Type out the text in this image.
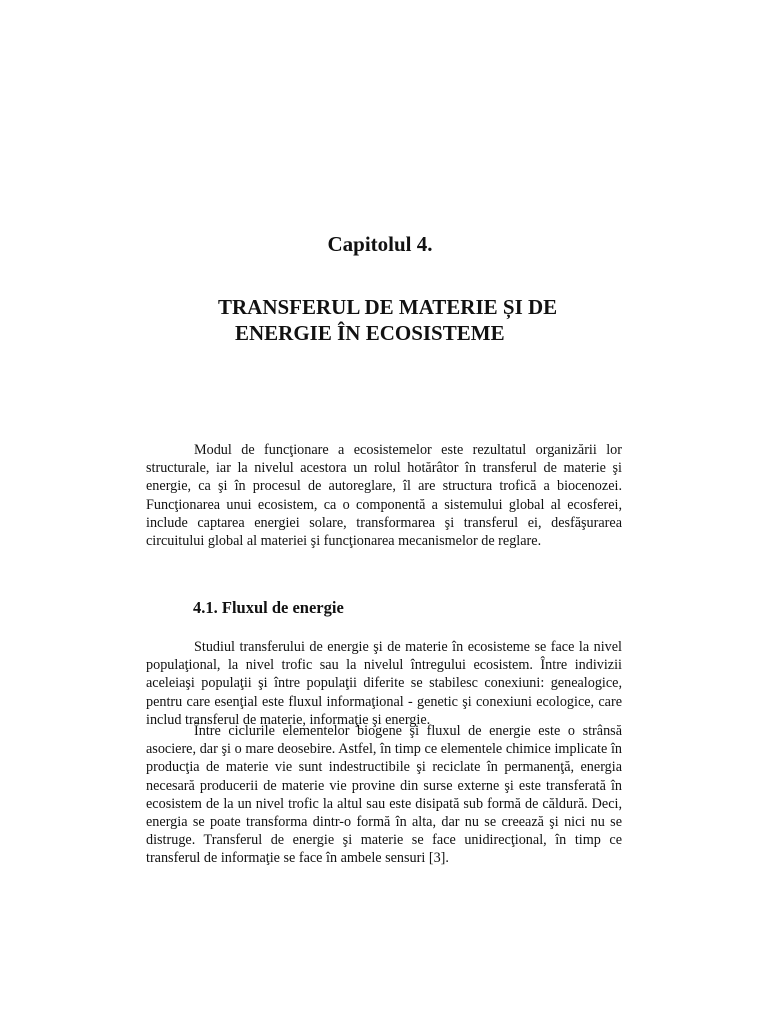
Capitolul 4.
TRANSFERUL DE MATERIE ȘI DE
ENERGIE ÎN ECOSISTEME

Modul de funcţionare a ecosistemelor este rezultatul organizării lor structurale, iar la nivelul acestora un rolul hotărâtor în transferul de materie şi energie, ca şi în procesul de autoreglare, îl are structura trofică a biocenozei. Funcţionarea unui ecosistem, ca o componentă a sistemului global al ecosferei, include captarea energiei solare, transformarea şi transferul ei, desfăşurarea circuitului global al materiei şi funcţionarea mecanismelor de reglare.

4.1. Fluxul de energie

Studiul transferului de energie şi de materie în ecosisteme se face la nivel populaţional, la nivel trofic sau la nivelul întregului ecosistem. Între indivizii aceleiaşi populaţii şi între populaţii diferite se stabilesc conexiuni: genealogice, pentru care esenţial este fluxul informaţional - genetic şi conexiuni ecologice, care includ transferul de materie, informaţie şi energie.

Între ciclurile elementelor biogene şi fluxul de energie este o strânsă asociere, dar şi o mare deosebire. Astfel, în timp ce elementele chimice implicate în producţia de materie vie sunt indestructibile şi reciclate în permanenţă, energia necesară producerii de materie vie provine din surse externe şi este transferată în ecosistem de la un nivel trofic la altul sau este disipată sub formă de căldură. Deci, energia se poate transforma dintr-o formă în alta, dar nu se creează şi nici nu se distruge. Transferul de energie şi materie se face unidirecţional, în timp ce transferul de informaţie se face în ambele sensuri [3].
